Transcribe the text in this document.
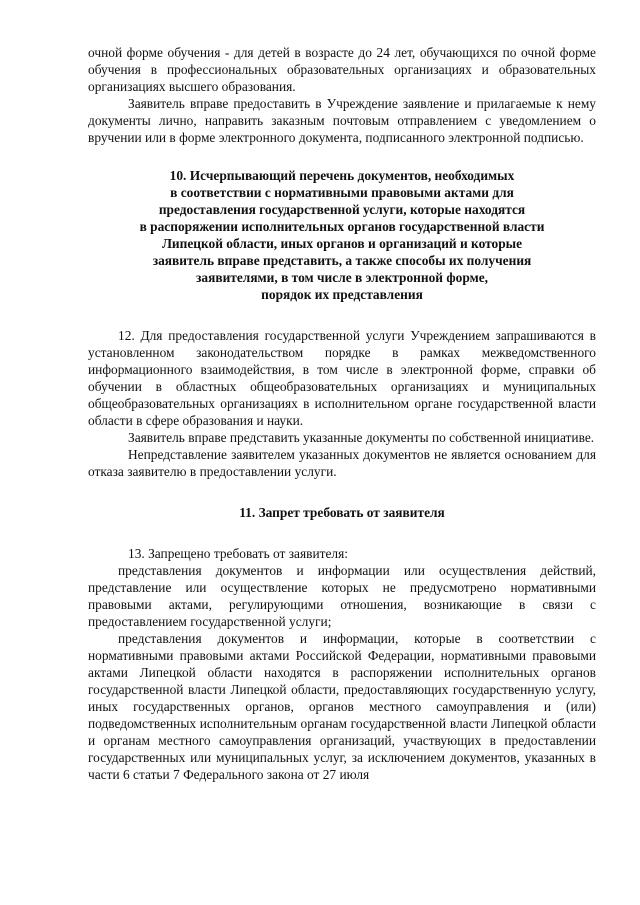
очной форме обучения - для детей в возрасте до 24 лет, обучающихся по очной форме обучения в профессиональных образовательных организациях и образовательных организациях высшего образования.

Заявитель вправе предоставить в Учреждение заявление и прилагаемые к нему документы лично, направить заказным почтовым отправлением с уведомлением о вручении или в форме электронного документа, подписанного электронной подписью.

10. Исчерпывающий перечень документов, необходимых
в соответствии с нормативными правовыми актами для
предоставления государственной услуги, которые находятся
в распоряжении исполнительных органов государственной власти
Липецкой области, иных органов и организаций и которые
заявитель вправе представить, а также способы их получения
заявителями, в том числе в электронной форме,
порядок их представления

12. Для предоставления государственной услуги Учреждением запрашиваются в установленном законодательством порядке в рамках межведомственного информационного взаимодействия, в том числе в электронной форме, справки об обучении в областных общеобразовательных организациях и муниципальных общеобразовательных организациях в исполнительном органе государственной власти области в сфере образования и науки.

Заявитель вправе представить указанные документы по собственной инициативе.

Непредставление заявителем указанных документов не является основанием для отказа заявителю в предоставлении услуги.

11. Запрет требовать от заявителя

13. Запрещено требовать от заявителя:

представления документов и информации или осуществления действий, представление или осуществление которых не предусмотрено нормативными правовыми актами, регулирующими отношения, возникающие в связи с предоставлением государственной услуги;

представления документов и информации, которые в соответствии с нормативными правовыми актами Российской Федерации, нормативными правовыми актами Липецкой области находятся в распоряжении исполнительных органов государственной власти Липецкой области, предоставляющих государственную услугу, иных государственных органов, органов местного самоуправления и (или) подведомственных исполнительным органам государственной власти Липецкой области и органам местного самоуправления организаций, участвующих в предоставлении государственных или муниципальных услуг, за исключением документов, указанных в части 6 статьи 7 Федерального закона от 27 июля
